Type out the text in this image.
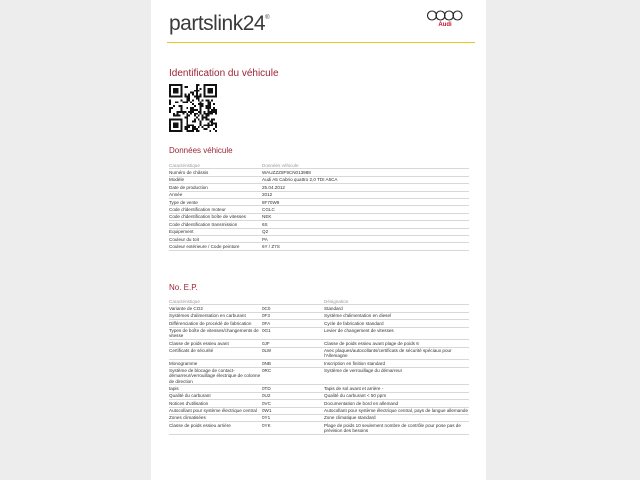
partslink24®
Audi
Identification du véhicule
Données véhicule
Caractéristique	Données véhicule
Numéro de châssis	WAUZZZ8F9CN013988
Modèle	Audi A5 Cabrio quattro 2,0 TDI A5CA
Date de production	25.04.2012
Année	2012
Type de vente	8F70W9
Code d'identification moteur	CGLC
Code d'identification boîte de vitesses	NEK
Code d'identification transmission	6S
Equipement	Q2
Couleur du toit	PA
Couleur extérieure / Code peinture	6Y / Z7S
No. E.P.
Caractéristique		Désignation
Variante de CO2	0C0	Standard
Systèmes d'alimentation en carburant	0F3	Système d'alimentation en diesel
Différenciation de procédé de fabrication	0FA	Cycle de fabrication standard
Types de boîte de vitesses/changements de vitesse	0G1	Levier de changement de vitesses
Classe de poids essieu avant	0JF	Classe de poids essieu avant plage de poids 6
Certificats de sécurité	0LW	Avec plaques/autocollants/certificats de sécurité spéciaux pour l'Allemagne
Monogramme	0NB	Inscription en finition standard
Système de blocage de contact-démarreur/verrouillage électrique de colonne de direction	0RC	Système de verrouillage du démarreur
tapis	0TD	Tapis de sol avant et arrière -
Qualité du carburant	0U2	Qualité du carburant < 50 ppm
Notices d'utilisation	0VC	Documentation de bord en allemand
Autocollant pour système électrique central	0W1	Autocollant pour système électrique central, pays de langue allemande
Zones climatisées	0Y1	Zone climatique standard
Classe de poids essieu arrière	0YK	Plage de poids 10 seulement nombre de contrôle pour pose pas de prévision des besoins
